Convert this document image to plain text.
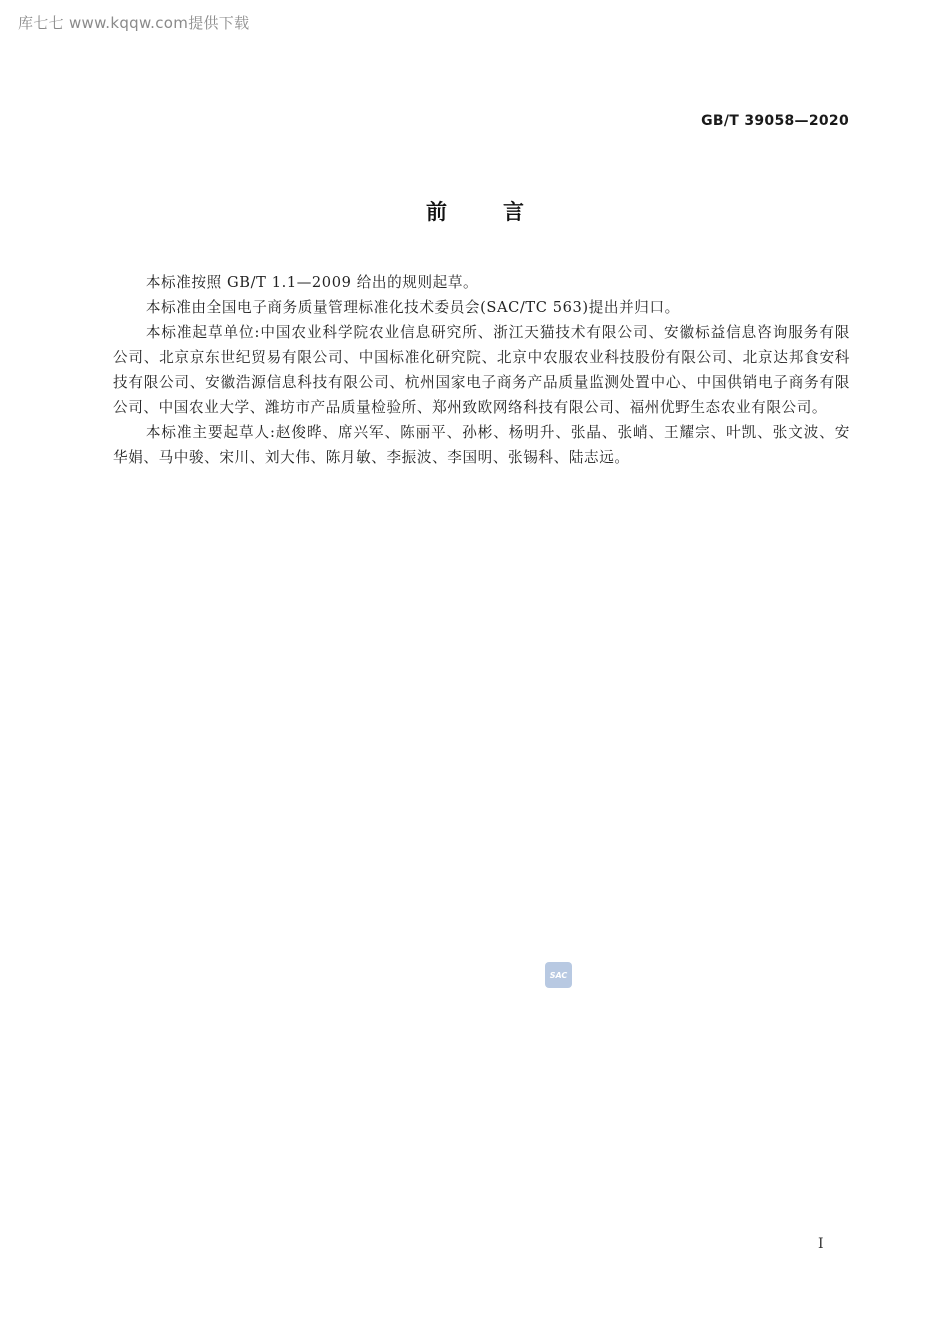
库七七 www.kqqw.com提供下载
GB/T 39058—2020
前言

本标准按照 GB/T 1.1—2009 给出的规则起草。

本标准由全国电子商务质量管理标准化技术委员会(SAC/TC 563)提出并归口。

本标准起草单位:中国农业科学院农业信息研究所、浙江天猫技术有限公司、安徽标益信息咨询服务有限公司、北京京东世纪贸易有限公司、中国标准化研究院、北京中农服农业科技股份有限公司、北京达邦食安科技有限公司、安徽浩源信息科技有限公司、杭州国家电子商务产品质量监测处置中心、中国供销电子商务有限公司、中国农业大学、潍坊市产品质量检验所、郑州致欧网络科技有限公司、福州优野生态农业有限公司。

本标准主要起草人:赵俊晔、席兴军、陈丽平、孙彬、杨明升、张晶、张峭、王耀宗、叶凯、张文波、安华娟、马中骏、宋川、刘大伟、陈月敏、李振波、李国明、张锡科、陆志远。

SAC
I
